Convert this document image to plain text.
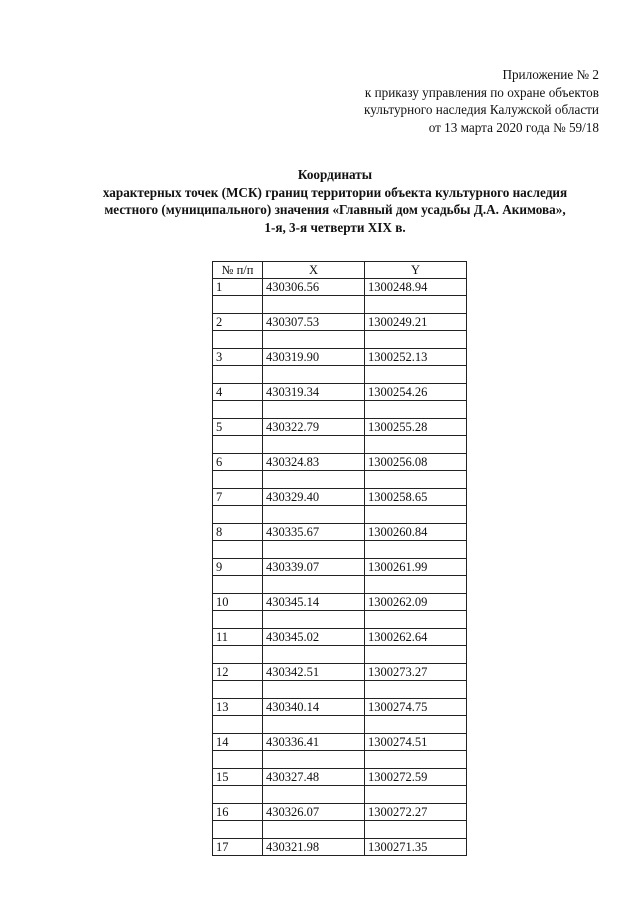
Приложение № 2
к приказу управления по охране объектов
культурного наследия Калужской области
от 13 марта 2020 года № 59/18
Координаты
характерных точек (МСК) границ территории объекта культурного наследия
местного (муниципального) значения «Главный дом усадьбы Д.А. Акимова»,
1-я, 3-я четверти XIX в.
№ п/п	X	Y
1	430306.56	1300248.94

2	430307.53	1300249.21

3	430319.90	1300252.13

4	430319.34	1300254.26

5	430322.79	1300255.28

6	430324.83	1300256.08

7	430329.40	1300258.65

8	430335.67	1300260.84

9	430339.07	1300261.99

10	430345.14	1300262.09

11	430345.02	1300262.64

12	430342.51	1300273.27

13	430340.14	1300274.75

14	430336.41	1300274.51

15	430327.48	1300272.59

16	430326.07	1300272.27

17	430321.98	1300271.35
